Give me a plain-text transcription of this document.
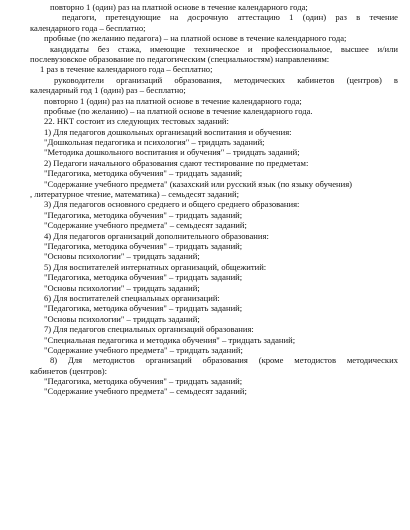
повторно 1 (один) раз на платной основе в течение календарного года;
педагоги, претендующие на досрочную аттестацию 1 (один) раз в течение
календарного года – бесплатно;
пробные (по желанию педагога) – на платной основе в течение календарного года;
кандидаты без стажа, имеющие техническое и профессиональное, высшее и/или
послевузовское образование по педагогическим (специальностям) направлениям:
1 раз в течение календарного года – бесплатно;
руководители организаций образования, методических кабинетов (центров) в
календарный год 1 (один) раз – бесплатно;
повторно 1 (один) раз на платной основе в течение календарного года;
пробные (по желанию) – на платной основе в течение календарного года.
22. НКТ состоит из следующих тестовых заданий:
1) Для педагогов дошкольных организаций воспитания и обучения:
"Дошкольная педагогика и психология" – тридцать заданий;
"Методика дошкольного воспитания и обучения" – тридцать заданий;
2) Педагоги начального образования сдают тестирование по предметам:
"Педагогика, методика обучения" – тридцать заданий;
"Содержание учебного предмета" (казахский или русский язык (по языку обучения)
, литературное чтение, математика) – семьдесят заданий;
3) Для педагогов основного среднего и общего среднего образования:
"Педагогика, методика обучения" – тридцать заданий;
"Содержание учебного предмета" – семьдесят заданий;
4) Для педагогов организаций дополнительного образования:
"Педагогика, методика обучения" – тридцать заданий;
"Основы психологии" – тридцать заданий;
5) Для воспитателей интернатных организаций, общежитий:
"Педагогика, методика обучения" – тридцать заданий;
"Основы психологии" – тридцать заданий;
6) Для воспитателей специальных организаций:
"Педагогика, методика обучения" – тридцать заданий;
"Основы психологии" – тридцать заданий;
7) Для педагогов специальных организаций образования:
"Специальная педагогика и методика обучения" – тридцать заданий;
"Содержание учебного предмета" – тридцать заданий;
8) Для методистов организаций образования (кроме методистов методических
кабинетов (центров):
"Педагогика, методика обучения" – тридцать заданий;
"Содержание учебного предмета" – семьдесят заданий;
